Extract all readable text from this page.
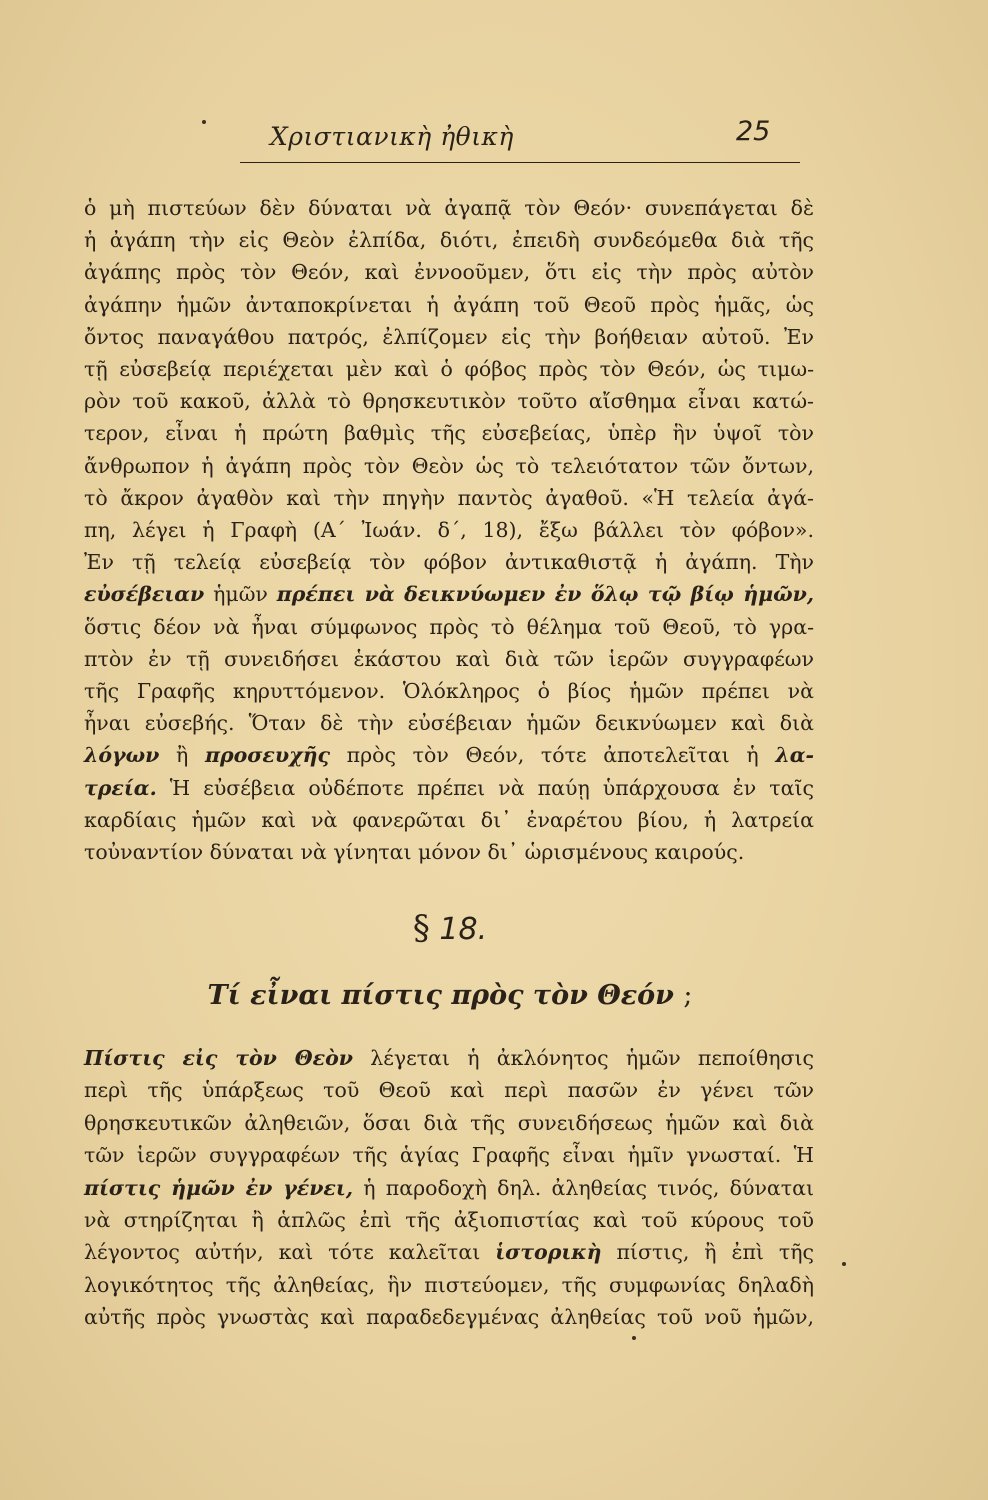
Χριστιανικὴ ἠθικὴ	25

ὁ μὴ πιστεύων δὲν δύναται νὰ ἀγαπᾷ τὸν Θεόν· συνεπάγεται δὲ

ἡ ἀγάπη τὴν εἰς Θεὸν ἐλπίδα, διότι, ἐπειδὴ συνδεόμεθα διὰ τῆς

ἀγάπης πρὸς τὸν Θεόν, καὶ ἐννοοῦμεν, ὅτι εἰς τὴν πρὸς αὐτὸν

ἀγάπην ἡμῶν ἀνταποκρίνεται ἡ ἀγάπη τοῦ Θεοῦ πρὸς ἡμᾶς, ὡς

ὄντος παναγάθου πατρός, ἐλπίζομεν εἰς τὴν βοήθειαν αὐτοῦ. Ἐν

τῇ εὐσεβείᾳ περιέχεται μὲν καὶ ὁ φόβος πρὸς τὸν Θεόν, ὡς τιμω-

ρὸν τοῦ κακοῦ, ἀλλὰ τὸ θρησκευτικὸν τοῦτο αἴσθημα εἶναι κατώ-

τερον, εἶναι ἡ πρώτη βαθμὶς τῆς εὐσεβείας, ὑπὲρ ἣν ὑψοῖ τὸν

ἄνθρωπον ἡ ἀγάπη πρὸς τὸν Θεὸν ὡς τὸ τελειότατον τῶν ὄντων,

τὸ ἄκρον ἀγαθὸν καὶ τὴν πηγὴν παντὸς ἀγαθοῦ. «Ἡ τελεία ἀγά-

πη, λέγει ἡ Γραφὴ (Α΄ Ἰωάν. δ΄, 18), ἔξω βάλλει τὸν φόβον».

Ἐν τῇ τελείᾳ εὐσεβείᾳ τὸν φόβον ἀντικαθιστᾷ ἡ ἀγάπη. Τὴν

εὐσέβειαν ἡμῶν πρέπει νὰ δεικνύωμεν ἐν ὅλῳ τῷ βίῳ ἡμῶν,

ὅστις δέον νὰ ἦναι σύμφωνος πρὸς τὸ θέλημα τοῦ Θεοῦ, τὸ γρα-

πτὸν ἐν τῇ συνειδήσει ἑκάστου καὶ διὰ τῶν ἱερῶν συγγραφέων

τῆς Γραφῆς κηρυττόμενον. Ὁλόκληρος ὁ βίος ἡμῶν πρέπει νὰ

ἦναι εὐσεβής. Ὅταν δὲ τὴν εὐσέβειαν ἡμῶν δεικνύωμεν καὶ διὰ

λόγων ἢ προσευχῆς πρὸς τὸν Θεόν, τότε ἀποτελεῖται ἡ λα-

τρεία. Ἡ εὐσέβεια οὐδέποτε πρέπει νὰ παύῃ ὑπάρχουσα ἐν ταῖς

καρδίαις ἡμῶν καὶ νὰ φανερῶται δι᾽ ἐναρέτου βίου, ἡ λατρεία

τοὐναντίον δύναται νὰ γίνηται μόνον δι᾽ ὡρισμένους καιρούς.

§ 18.
Τί εἶναι πίστις πρὸς τὸν Θεόν ;

Πίστις εἰς τὸν Θεὸν λέγεται ἡ ἀκλόνητος ἡμῶν πεποίθησις

περὶ τῆς ὑπάρξεως τοῦ Θεοῦ καὶ περὶ πασῶν ἐν γένει τῶν

θρησκευτικῶν ἀληθειῶν, ὅσαι διὰ τῆς συνειδήσεως ἡμῶν καὶ διὰ

τῶν ἱερῶν συγγραφέων τῆς ἁγίας Γραφῆς εἶναι ἡμῖν γνωσταί. Ἡ

πίστις ἡμῶν ἐν γένει, ἡ παροδοχὴ δηλ. ἀληθείας τινός, δύναται

νὰ στηρίζηται ἢ ἁπλῶς ἐπὶ τῆς ἀξιοπιστίας καὶ τοῦ κύρους τοῦ

λέγοντος αὐτήν, καὶ τότε καλεῖται ἱστορικὴ πίστις, ἢ ἐπὶ τῆς

λογικότητος τῆς ἀληθείας, ἣν πιστεύομεν, τῆς συμφωνίας δηλαδὴ

αὐτῆς πρὸς γνωστὰς καὶ παραδεδεγμένας ἀληθείας τοῦ νοῦ ἡμῶν,
